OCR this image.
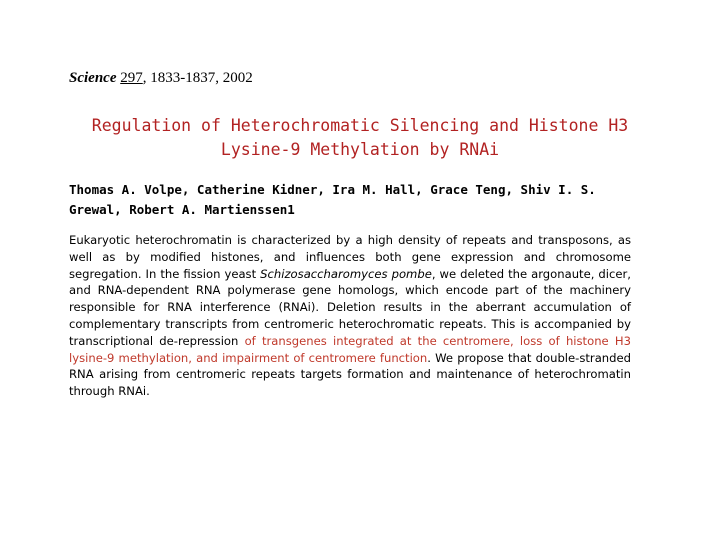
Science 297, 1833-1837, 2002
Regulation of Heterochromatic Silencing and Histone H3 Lysine-9 Methylation by RNAi
Thomas A. Volpe, Catherine Kidner, Ira M. Hall, Grace Teng, Shiv I. S. Grewal, Robert A. Martienssen1
Eukaryotic heterochromatin is characterized by a high density of repeats and transposons, as well as by modified histones, and influences both gene expression and chromosome segregation. In the fission yeast Schizosaccharomyces pombe, we deleted the argonaute, dicer, and RNA-dependent RNA polymerase gene homologs, which encode part of the machinery responsible for RNA interference (RNAi). Deletion results in the aberrant accumulation of complementary transcripts from centromeric heterochromatic repeats. This is accompanied by transcriptional de-repression of transgenes integrated at the centromere, loss of histone H3 lysine-9 methylation, and impairment of centromere function. We propose that double-stranded RNA arising from centromeric repeats targets formation and maintenance of heterochromatin through RNAi.
